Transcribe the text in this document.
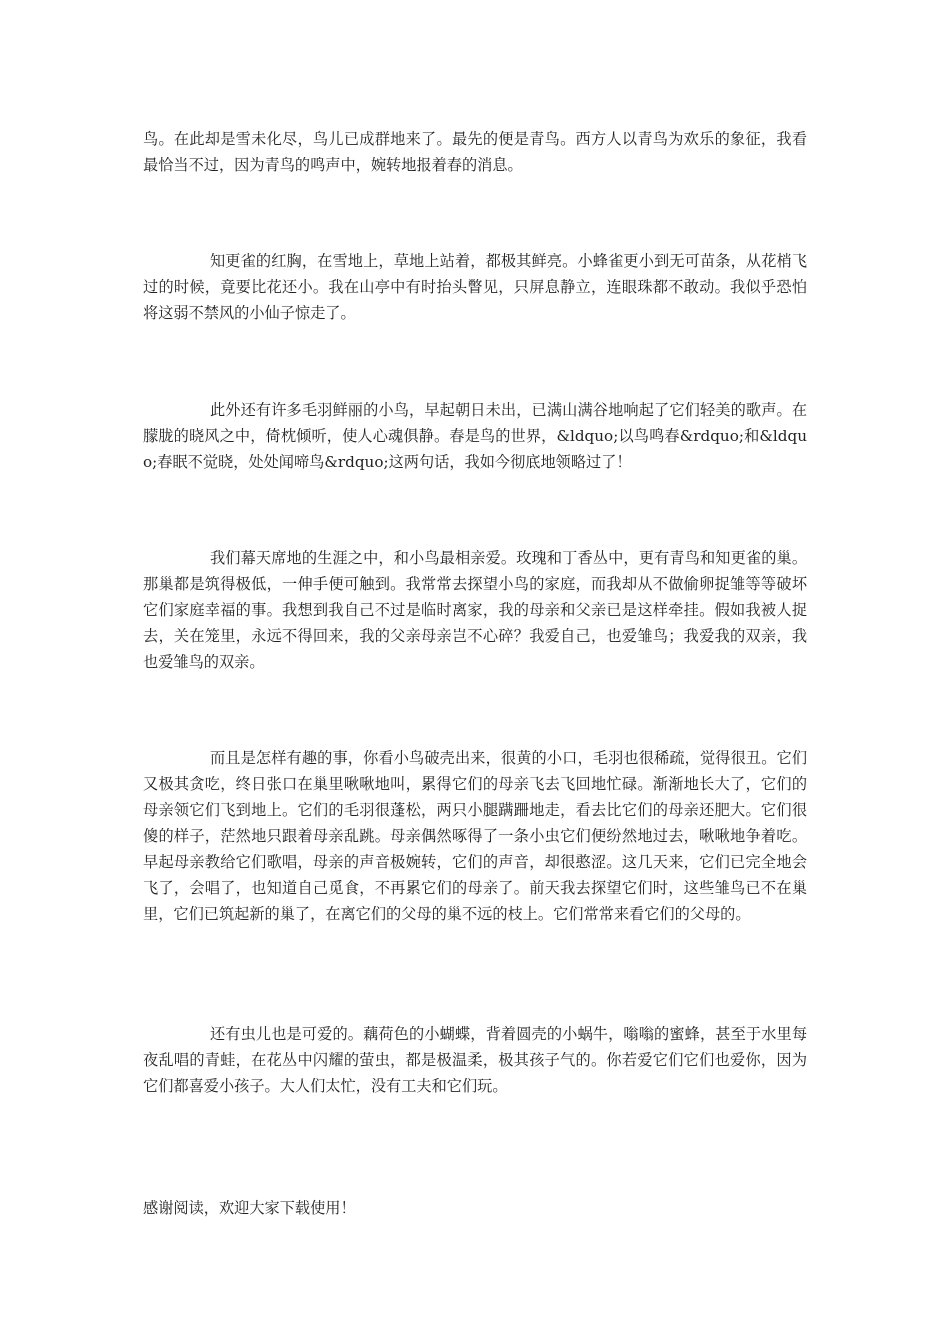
鸟。在此却是雪未化尽，鸟儿已成群地来了。最先的便是青鸟。西方人以青鸟为欢乐的象征，我看最恰当不过，因为青鸟的鸣声中，婉转地报着春的消息。

知更雀的红胸，在雪地上，草地上站着，都极其鲜亮。小蜂雀更小到无可苗条，从花梢飞过的时候，竟要比花还小。我在山亭中有时抬头瞥见，只屏息静立，连眼珠都不敢动。我似乎恐怕将这弱不禁风的小仙子惊走了。

此外还有许多毛羽鲜丽的小鸟，早起朝日未出，已满山满谷地响起了它们轻美的歌声。在朦胧的晓风之中，倚枕倾听，使人心魂俱静。春是鸟的世界，&ldquo;以鸟鸣春&rdquo;和&ldquo;春眠不觉晓，处处闻啼鸟&rdquo;这两句话，我如今彻底地领略过了！

我们幕天席地的生涯之中，和小鸟最相亲爱。玫瑰和丁香丛中，更有青鸟和知更雀的巢。那巢都是筑得极低，一伸手便可触到。我常常去探望小鸟的家庭，而我却从不做偷卵捉雏等等破坏它们家庭幸福的事。我想到我自己不过是临时离家，我的母亲和父亲已是这样牵挂。假如我被人捉去，关在笼里，永远不得回来，我的父亲母亲岂不心碎？我爱自己，也爱雏鸟；我爱我的双亲，我也爱雏鸟的双亲。

而且是怎样有趣的事，你看小鸟破壳出来，很黄的小口，毛羽也很稀疏，觉得很丑。它们又极其贪吃，终日张口在巢里啾啾地叫，累得它们的母亲飞去飞回地忙碌。渐渐地长大了，它们的母亲领它们飞到地上。它们的毛羽很蓬松，两只小腿蹒跚地走，看去比它们的母亲还肥大。它们很傻的样子，茫然地只跟着母亲乱跳。母亲偶然啄得了一条小虫它们便纷然地过去，啾啾地争着吃。早起母亲教给它们歌唱，母亲的声音极婉转，它们的声音，却很憨涩。这几天来，它们已完全地会飞了，会唱了，也知道自己觅食，不再累它们的母亲了。前天我去探望它们时，这些雏鸟已不在巢里，它们已筑起新的巢了，在离它们的父母的巢不远的枝上。它们常常来看它们的父母的。

还有虫儿也是可爱的。藕荷色的小蝴蝶，背着圆壳的小蜗牛，嗡嗡的蜜蜂，甚至于水里每夜乱唱的青蛙，在花丛中闪耀的萤虫，都是极温柔，极其孩子气的。你若爱它们它们也爱你，因为它们都喜爱小孩子。大人们太忙，没有工夫和它们玩。

感谢阅读，欢迎大家下载使用！
